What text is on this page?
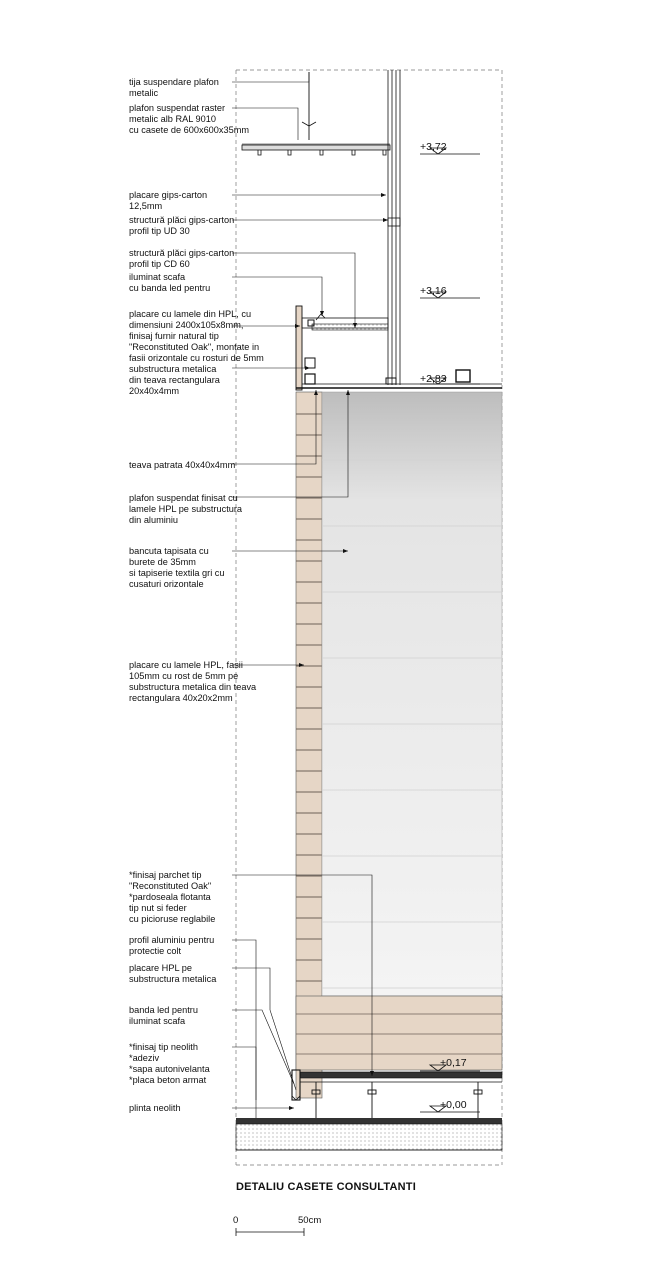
tija suspendare plafon
metalic
plafon suspendat raster
metalic alb RAL 9010
cu casete de 600x600x35mm
placare gips-carton
12,5mm
structură plăci gips-carton
profil tip UD 30
structură plăci gips-carton
profil tip CD 60
iluminat scafa
cu banda led pentru
placare cu lamele din HPL, cu
dimensiuni 2400x105x8mm,
finisaj furnir natural tip
"Reconstituted Oak", montate in
fasii orizontale cu rosturi de 5mm
substructura metalica
din teava rectangulara
20x40x4mm
teava patrata 40x40x4mm
plafon suspendat finisat cu
lamele HPL pe substructura
din aluminiu
bancuta tapisata cu
burete de 35mm
si tapiserie textila gri cu
cusaturi orizontale
placare cu lamele HPL, fasii
105mm cu rost de 5mm pe
substructura metalica din teava
rectangulara 40x20x2mm
*finisaj parchet tip
"Reconstituted Oak"
*pardoseala flotanta
tip nut si feder
cu picioruse reglabile
profil aluminiu pentru
protectie colt
placare HPL pe
substructura metalica
banda led pentru
iluminat scafa
*finisaj tip neolith
*adeziv
*sapa autonivelanta
*placa beton armat
plinta neolith
+3,72
+3,16
+2,83
+0,17
+0,00
DETALIU CASETE CONSULTANTI
0	50cm
